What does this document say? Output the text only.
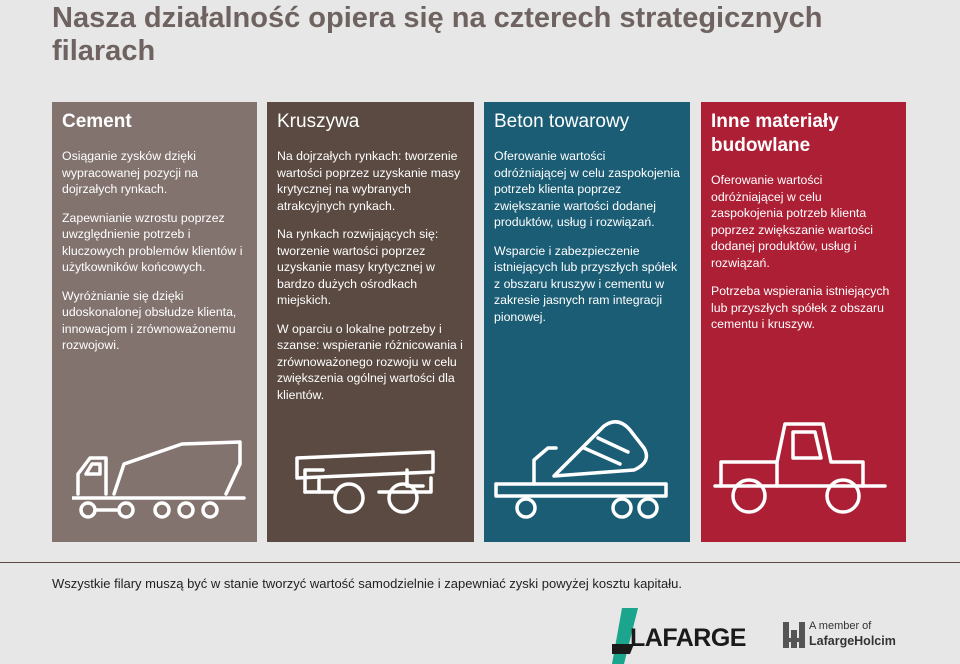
Nasza działalność opiera się na czterech strategicznych filarach
Cement

Osiąganie zysków dzięki wypracowanej pozycji na dojrzałych rynkach.

Zapewnianie wzrostu poprzez uwzględnienie potrzeb i kluczowych problemów klientów i użytkowników końcowych.

Wyróżnianie się dzięki udoskonalonej obsłudze klienta, innowacjom i zrównoważonemu rozwojowi.

Kruszywa

Na dojrzałych rynkach: tworzenie wartości poprzez uzyskanie masy krytycznej na wybranych atrakcyjnych rynkach.

Na rynkach rozwijających się: tworzenie wartości poprzez uzyskanie masy krytycznej w bardzo dużych ośrodkach miejskich.

W oparciu o lokalne potrzeby i szanse: wspieranie różnicowania i zrównoważonego rozwoju w celu zwiększenia ogólnej wartości dla klientów.

Beton towarowy

Oferowanie wartości odróżniającej w celu zaspokojenia potrzeb klienta poprzez zwiększanie wartości dodanej produktów, usług i rozwiązań.

Wsparcie i zabezpieczenie istniejących lub przyszłych spółek z obszaru kruszyw i cementu w zakresie jasnych ram integracji pionowej.

Inne materiały budowlane

Oferowanie wartości odróżniającej w celu zaspokojenia potrzeb klienta poprzez zwiększanie wartości dodanej produktów, usług i rozwiązań.

Potrzeba wspierania istniejących lub przyszłych spółek z obszaru cementu i kruszyw.

Wszystkie filary muszą być w stanie tworzyć wartość samodzielnie i zapewniać zyski powyżej kosztu kapitału.
LAFARGE	A member of
LafargeHolcim
